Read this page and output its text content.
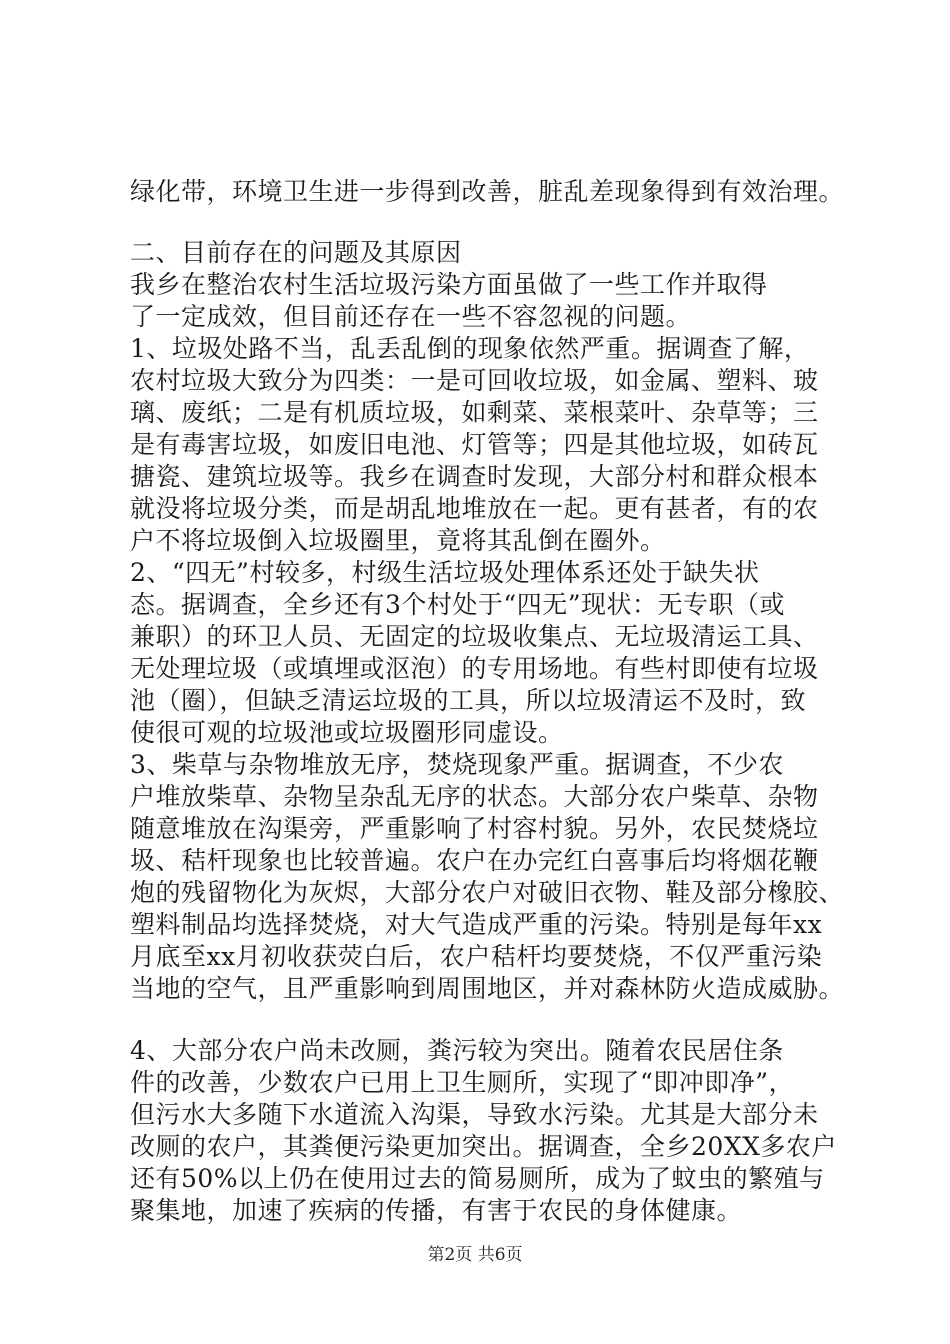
绿化带，环境卫生进一步得到改善，脏乱差现象得到有效治理。
二、目前存在的问题及其原因
我乡在整治农村生活垃圾污染方面虽做了一些工作并取得
了一定成效，但目前还存在一些不容忽视的问题。
1、垃圾处路不当，乱丢乱倒的现象依然严重。据调查了解，
农村垃圾大致分为四类：一是可回收垃圾，如金属、塑料、玻
璃、废纸；二是有机质垃圾，如剩菜、菜根菜叶、杂草等；三
是有毒害垃圾，如废旧电池、灯管等；四是其他垃圾，如砖瓦
搪瓷、建筑垃圾等。我乡在调查时发现，大部分村和群众根本
就没将垃圾分类，而是胡乱地堆放在一起。更有甚者，有的农
户不将垃圾倒入垃圾圈里，竟将其乱倒在圈外。
2、“四无”村较多，村级生活垃圾处理体系还处于缺失状
态。据调查，全乡还有3个村处于“四无”现状：无专职（或
兼职）的环卫人员、无固定的垃圾收集点、无垃圾清运工具、
无处理垃圾（或填埋或沤泡）的专用场地。有些村即使有垃圾
池（圈），但缺乏清运垃圾的工具，所以垃圾清运不及时，致
使很可观的垃圾池或垃圾圈形同虚设。
3、柴草与杂物堆放无序，焚烧现象严重。据调查，不少农
户堆放柴草、杂物呈杂乱无序的状态。大部分农户柴草、杂物
随意堆放在沟渠旁，严重影响了村容村貌。另外，农民焚烧垃
圾、秸杆现象也比较普遍。农户在办完红白喜事后均将烟花鞭
炮的残留物化为灰烬，大部分农户对破旧衣物、鞋及部分橡胶、
塑料制品均选择焚烧，对大气造成严重的污染。特别是每年xx
月底至xx月初收获荧白后，农户秸杆均要焚烧，不仅严重污染
当地的空气，且严重影响到周围地区，并对森林防火造成威胁。
4、大部分农户尚未改厕，粪污较为突出。随着农民居住条
件的改善，少数农户已用上卫生厕所，实现了“即冲即净”，
但污水大多随下水道流入沟渠，导致水污染。尤其是大部分未
改厕的农户，其粪便污染更加突出。据调查，全乡20XX多农户
还有50%以上仍在使用过去的简易厕所，成为了蚊虫的繁殖与
聚集地，加速了疾病的传播，有害于农民的身体健康。
第2页 共6页
